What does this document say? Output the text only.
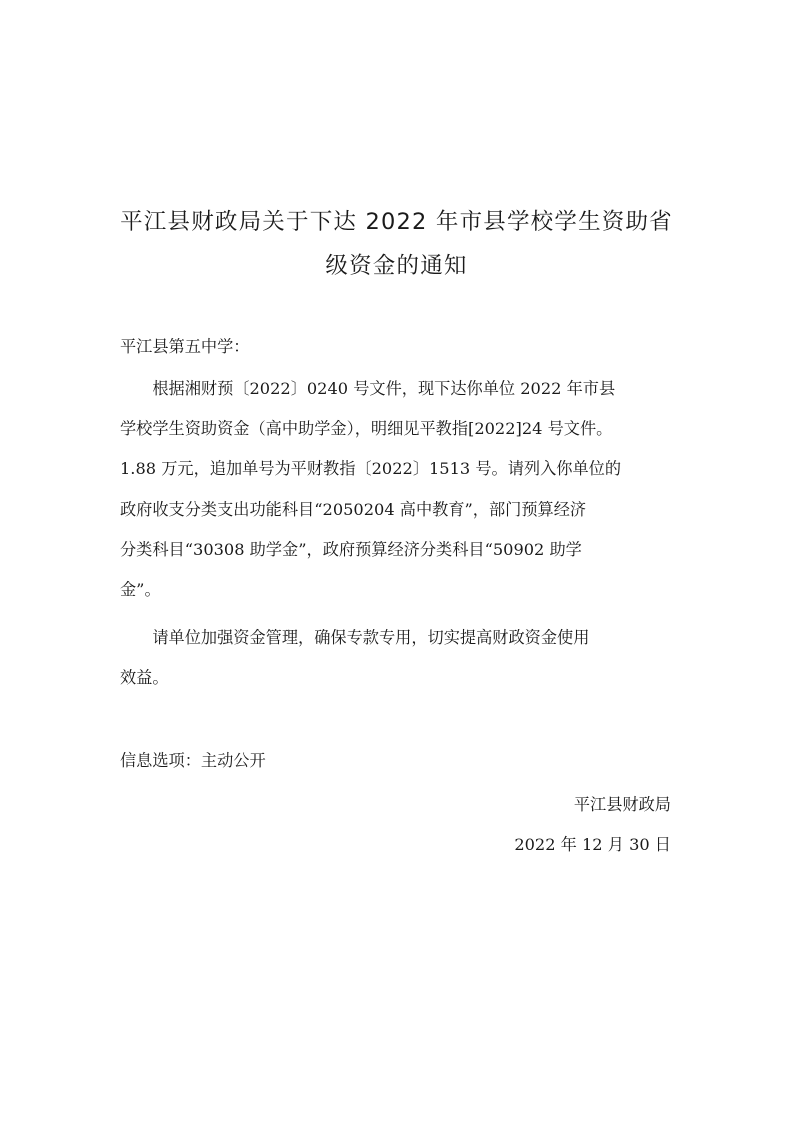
平江县财政局关于下达 2022 年市县学校学生资助省
级资金的通知

平江县第五中学：

　　根据湘财预〔2022〕0240 号文件，现下达你单位 2022 年市县

学校学生资助资金（高中助学金），明细见平教指[2022]24 号文件。

1.88 万元，追加单号为平财教指〔2022〕1513 号。请列入你单位的

政府收支分类支出功能科目“2050204 高中教育”，部门预算经济

分类科目“30308 助学金”，政府预算经济分类科目“50902 助学

金”。

　　请单位加强资金管理，确保专款专用，切实提高财政资金使用

效益。

信息选项：主动公开

平江县财政局

2022 年 12 月 30 日
